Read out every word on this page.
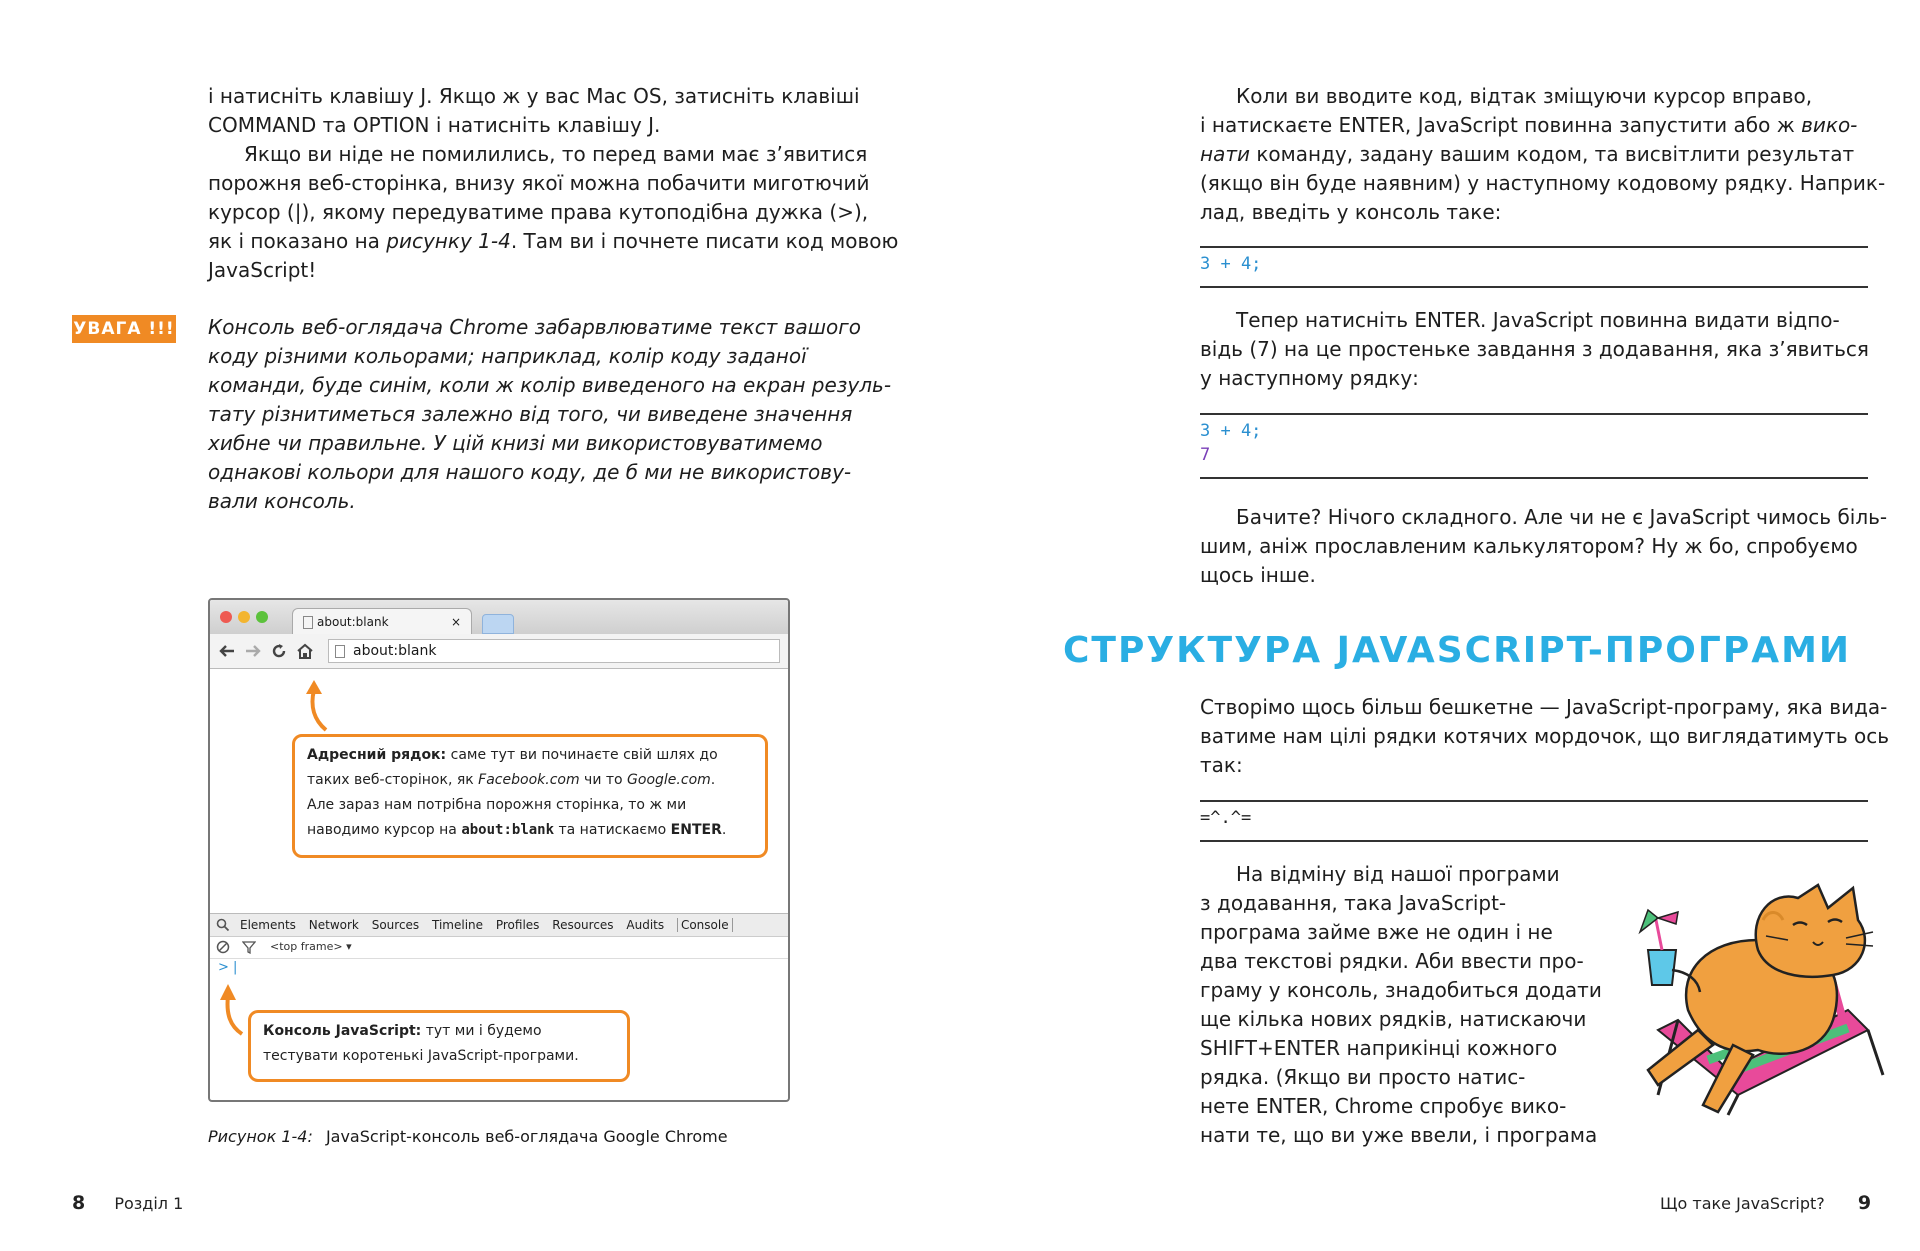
і натисніть клавішу J. Якщо ж у вас Mac OS, затисніть клавіші
COMMAND та OPTION і натисніть клавішу J.
Якщо ви ніде не помилились, то перед вами має з’явитися
порожня веб-сторінка, внизу якої можна побачити миготючий
курсор (|), якому передуватиме права кутоподібна дужка (>),
як і показано на рисунку 1-4. Там ви і почнете писати код мовою
JavaScript!
УВАГА !!! Консоль веб-оглядача Chrome забарвлюватиме текст вашого
коду різними кольорами; наприклад, колір коду заданої
команди, буде синім, коли ж колір виведеного на екран резуль-
тату різнитиметься залежно від того, чи виведене значення
хибне чи правильне. У цій книзі ми використовуватимемо
однакові кольори для нашого коду, де б ми не використову-
вали консоль.
about:blank	×
about:blank
Адресний рядок: саме тут ви починаєте свій шлях до
таких веб-сторінок, як Facebook.com чи то Google.com.
Але зараз нам потрібна порожня сторінка, то ж ми
наводимо курсор на about:blank та натискаємо ENTER.
Elements Network Sources Timeline Profiles Resources Audits Console
<top frame> ▾
> |
Консоль JavaScript: тут ми і будемо
тестувати коротенькі JavaScript-програми.
Рисунок 1-4: JavaScript-консоль веб-оглядача Google Chrome
8 Розділ 1
Коли ви вводите код, відтак зміщуючи курсор вправо,
і натискаєте ENTER, JavaScript повинна запустити або ж вико-
нати команду, задану вашим кодом, та висвітлити результат
(якщо він буде наявним) у наступному кодовому рядку. Наприк-
лад, введіть у консоль таке:
3 + 4;
Тепер натисніть ENTER. JavaScript повинна видати відпо-
відь (7) на це простеньке завдання з додавання, яка з’явиться
у наступному рядку:
3 + 4;
7
Бачите? Нічого складного. Але чи не є JavaScript чимось біль-
шим, аніж прославленим калькулятором? Ну ж бо, спробуємо
щось інше.
СТРУКТУРА JAVASCRIPT-ПРОГРАМИ
Створімо щось більш бешкетне — JavaScript-програму, яка вида-
ватиме нам цілі рядки котячих мордочок, що виглядатимуть ось
так:
=^.^=
На відміну від нашої програми
з додавання, така JavaScript-
програма займе вже не один і не
два текстові рядки. Аби ввести про-
граму у консоль, знадобиться додати
ще кілька нових рядків, натискаючи
SHIFT+ENTER наприкінці кожного
рядка. (Якщо ви просто натис-
нете ENTER, Chrome спробує вико-
нати те, що ви уже ввели, і програма
Що таке JavaScript? 9
